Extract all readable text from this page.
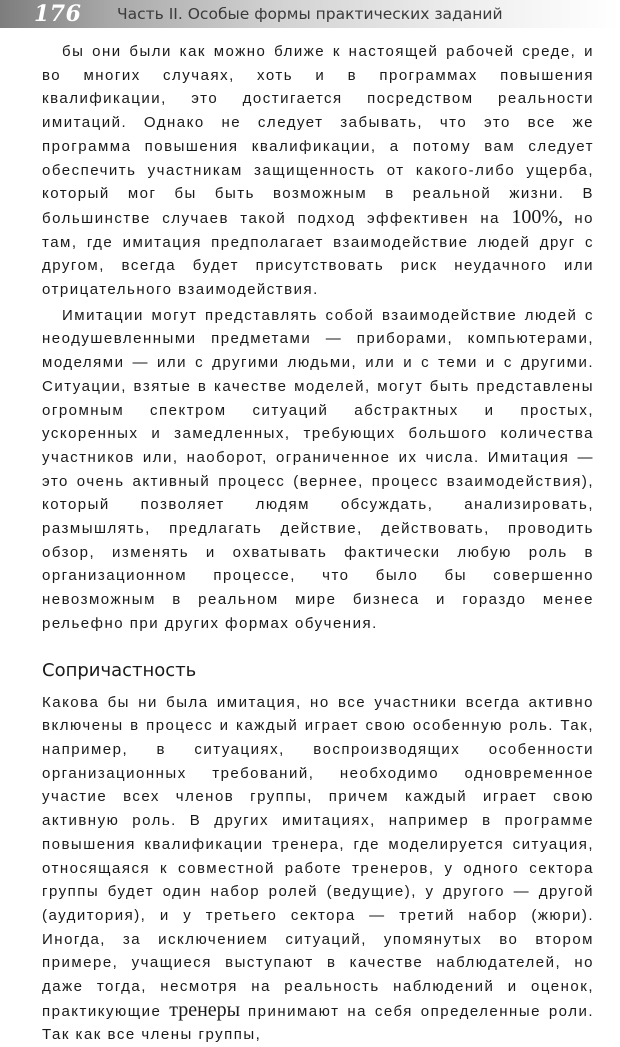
176 Часть II. Особые формы практических заданий

бы они были как можно ближе к настоящей рабочей среде, и во многих случаях, хоть и в программах повышения квалификации, это достигается посредством реальности имитаций. Однако не следует забывать, что это все же программа повышения квалификации, а потому вам следует обеспечить участникам защищенность от какого-либо ущерба, который мог бы быть возможным в реальной жизни. В большинстве случаев такой подход эффективен на 100%, но там, где имитация предполагает взаимодействие людей друг с другом, всегда будет присутствовать риск неудачного или отрицательного взаимодействия.

Имитации могут представлять собой взаимодействие людей с неодушевленными предметами — приборами, компьютерами, моделями — или с другими людьми, или и с теми и с другими. Ситуации, взятые в качестве моделей, могут быть представлены огромным спектром ситуаций абстрактных и простых, ускоренных и замедленных, требующих большого количества участников или, наоборот, ограниченное их числа. Имитация — это очень активный процесс (вернее, процесс взаимодействия), который позволяет людям обсуждать, анализировать, размышлять, предлагать действие, действовать, проводить обзор, изменять и охватывать фактически любую роль в организационном процессе, что было бы совершенно невозможным в реальном мире бизнеса и гораздо менее рельефно при других формах обучения.

Сопричастность

Какова бы ни была имитация, но все участники всегда активно включены в процесс и каждый играет свою особенную роль. Так, например, в ситуациях, воспроизводящих особенности организационных требований, необходимо одновременное участие всех членов группы, причем каждый играет свою активную роль. В других имитациях, например в программе повышения квалификации тренера, где моделируется ситуация, относящаяся к совместной работе тренеров, у одного сектора группы будет один набор ролей (ведущие), у другого — другой (аудитория), и у третьего сектора — третий набор (жюри). Иногда, за исключением ситуаций, упомянутых во втором примере, учащиеся выступают в качестве наблюдателей, но даже тогда, несмотря на реальность наблюдений и оценок, практикующие тренеры принимают на себя определенные роли. Так как все члены группы,
